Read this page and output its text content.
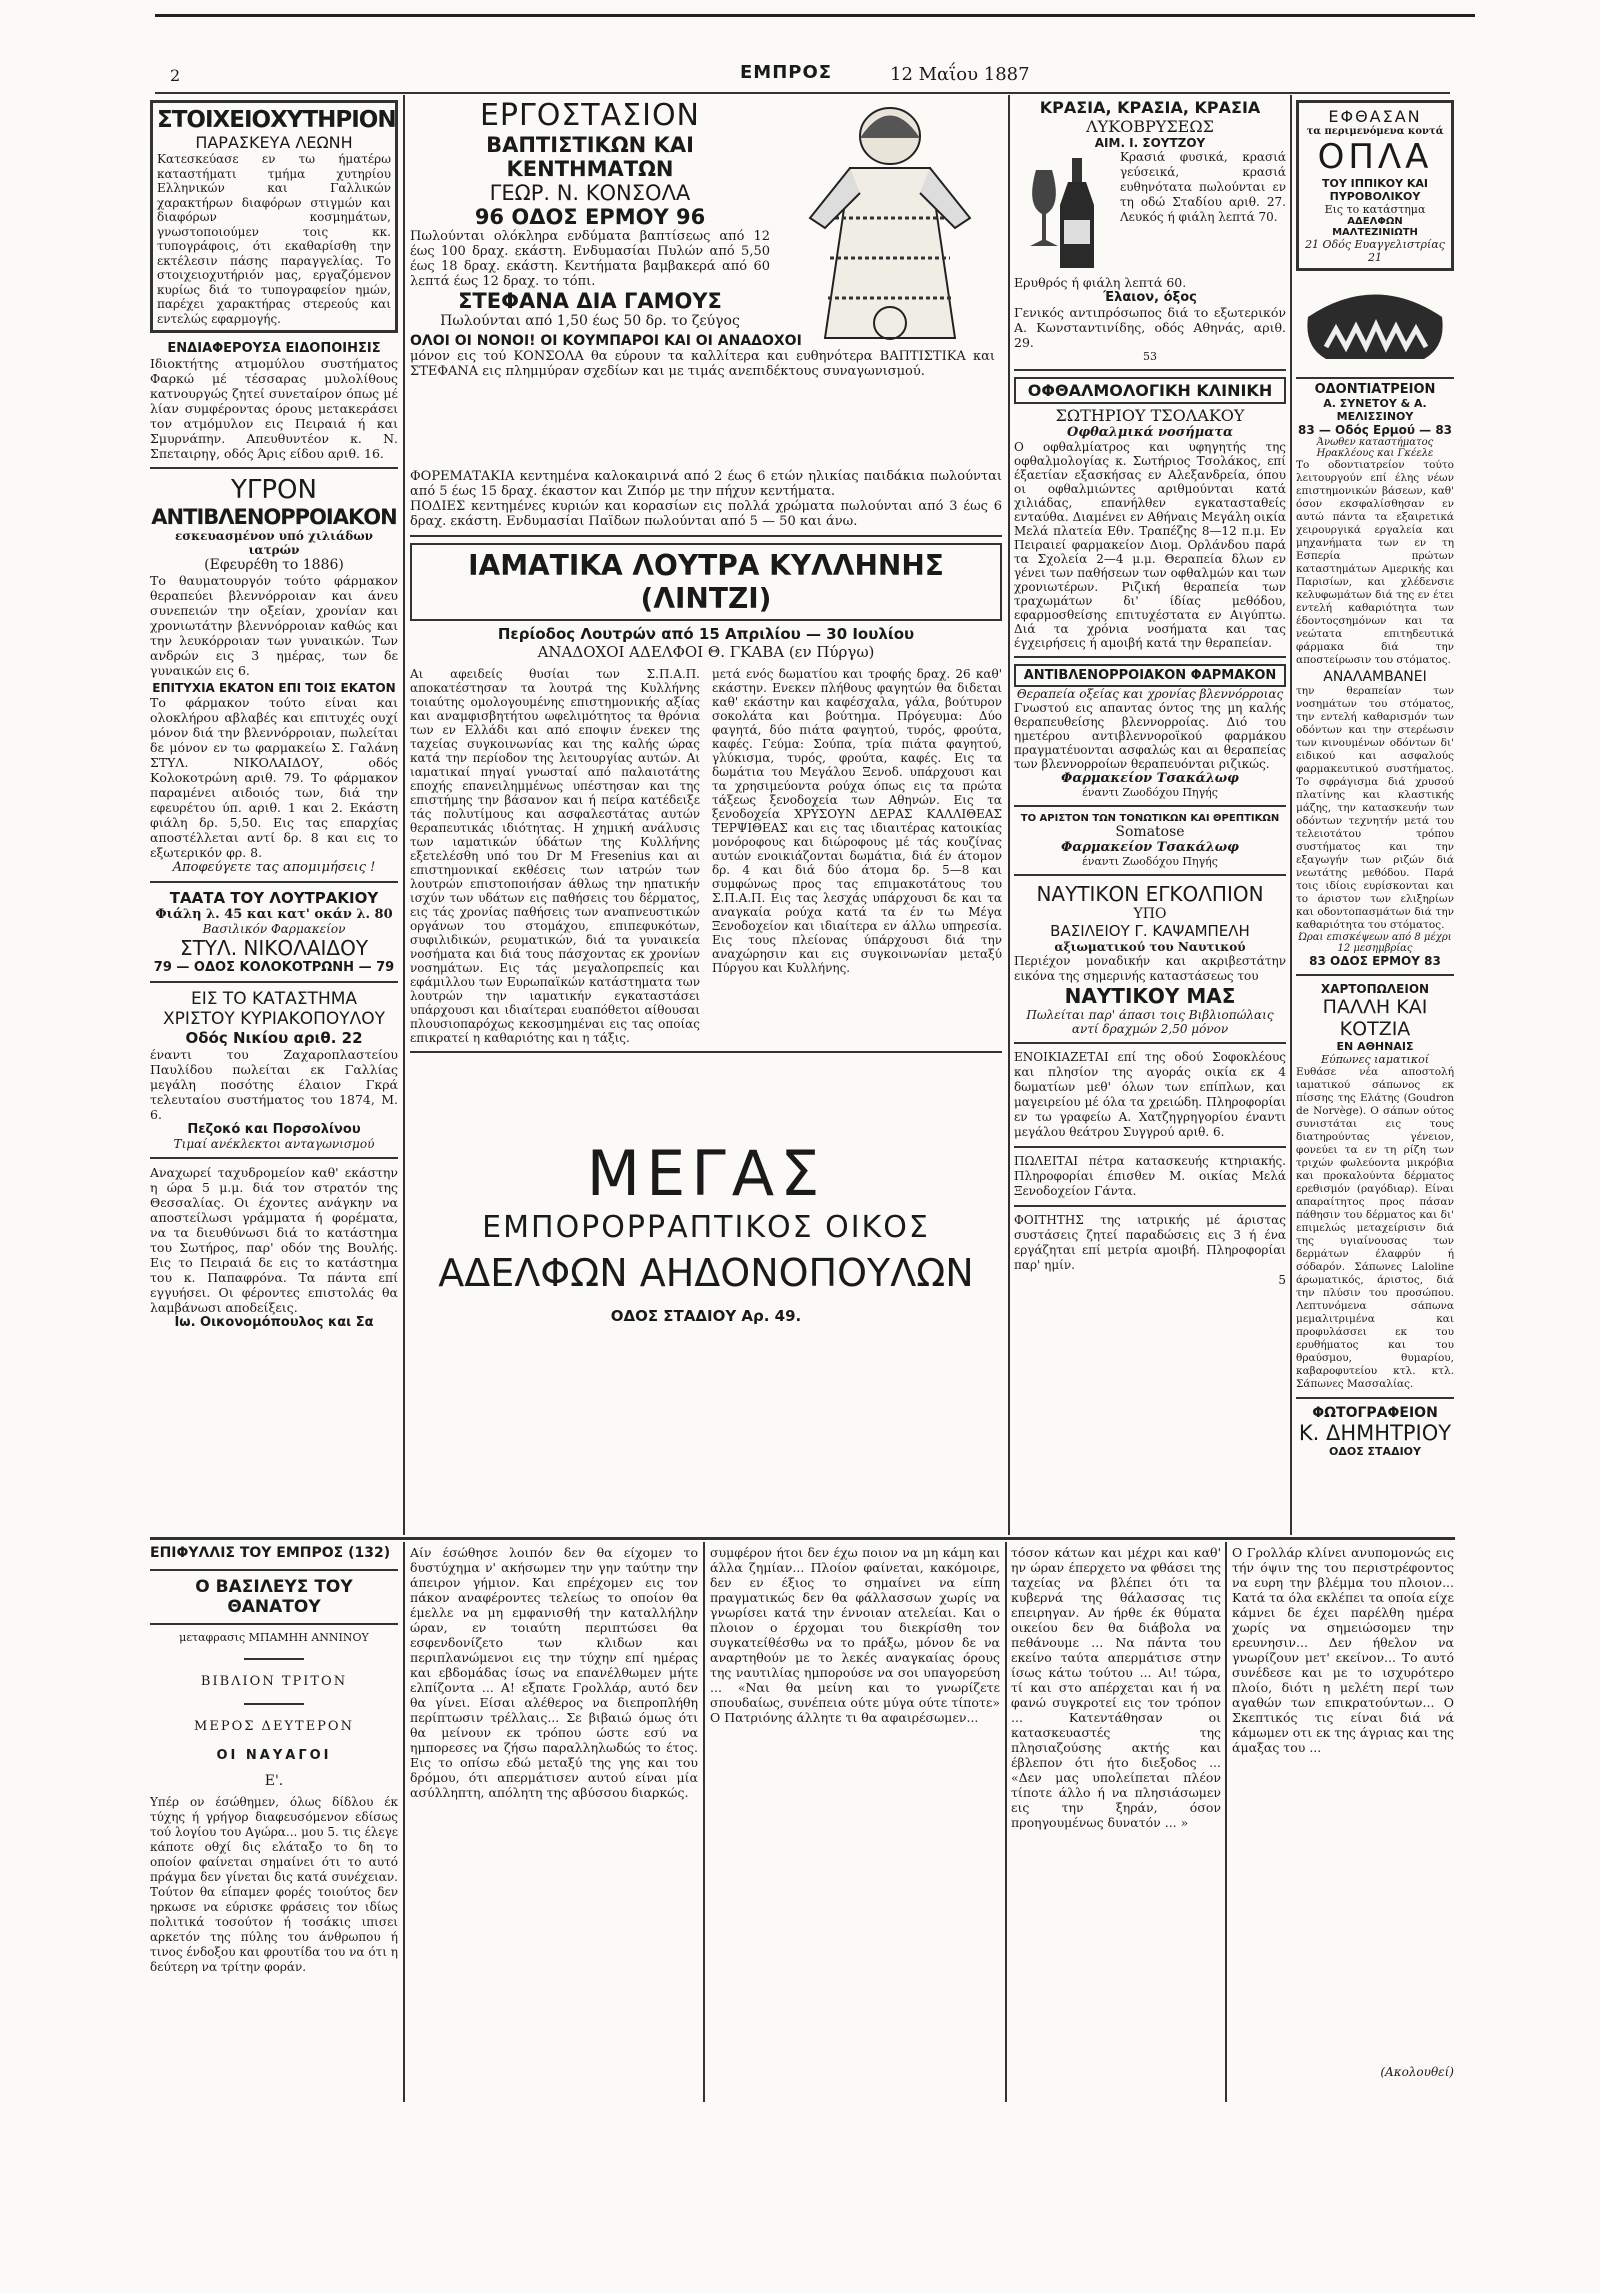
2	ΕΜΠΡΟΣ	12 Μαΐου 1887
ΣΤΟΙΧΕΙΟΧΥΤΗΡΙΟΝ
ΠΑΡΑΣΚΕΥΑ ΛΕΩΝΗ
Κατεσκεύασε εν τω ήματέρω καταστήματι τμήμα χυτηρίου Ελληνικών και Γαλλικών χαρακτήρων διαφόρων στιγμών και διαφόρων κοσμημάτων, γνωστοποιούμεν τοις κκ. τυπογράφοις, ότι εκαθαρίσθη την εκτέλεσιν πάσης παραγγελίας. Το στοιχειοχυτήριόν μας, εργαζόμενον κυρίως διά το τυπογραφείον ημών, παρέχει χαρακτήρας στερεούς και εντελώς εφαρμογής.
ΕΝΔΙΑΦΕΡΟΥΣΑ ΕΙΔΟΠΟΙΗΣΙΣ
Ιδιοκτήτης ατμομύλου συστήματος Φαρκώ μέ τέσσαρας μυλολίθους κατνουργώς ζητεί συνεταίρον όπως μέ λίαν συμφέροντας όρους μετακεράσει τον ατμόμυλον εις Πειραιά ή και Σμυρνάπην. Απευθυντέον κ. Ν. Σπεταιρηγ, οδός Άρις είδου αριθ. 16.
ΥΓΡΟΝ
ΑΝΤΙΒΛΕΝΟΡΡΟΙΑΚΟΝ
εσκευασμένον υπό χιλιάδων ιατρών
(Εφευρέθη το 1886)
Το θαυματουργόν τούτο φάρμακον θεραπεύει βλεννόρροιαν και άνευ συνεπειών την οξείαν, χρονίαν και χρονιωτάτην βλεννόρροιαν καθώς και την λευκόρροιαν των γυναικών. Των ανδρών εις 3 ημέρας, των δε γυναικών εις 6.
ΕΠΙΤΥΧΙΑ ΕΚΑΤΟΝ ΕΠΙ ΤΟΙΣ ΕΚΑΤΟΝ
Το φάρμακον τούτο είναι και ολοκλήρου αβλαβές και επιτυχές ουχί μόνον διά την βλεννόρροιαν, πωλείται δε μόνον εν τω φαρμακείω Σ. Γαλάνη ΣΤΥΛ. ΝΙΚΟΛΑΙΔΟΥ, οδός Κολοκοτρώνη αριθ. 79. Το φάρμακον παραμένει αιδοιός των, διά την εφευρέτου ύπ. αριθ. 1 και 2. Εκάστη φιάλη δρ. 5,50. Εις τας επαρχίας αποστέλλεται αντί δρ. 8 και εις το εξωτερικόν φρ. 8.
Αποφεύγετε τας απομιμήσεις !
ΤΑΑΤΑ ΤΟΥ ΛΟΥΤΡΑΚΙΟΥ
Φιάλη λ. 45 και κατ' οκάν λ. 80
Βασιλικόν Φαρμακείον
ΣΤΥΛ. ΝΙΚΟΛΑΙΔΟΥ
79 — ΟΔΟΣ ΚΟΛΟΚΟΤΡΩΝΗ — 79
ΕΙΣ ΤΟ ΚΑΤΑΣΤΗΜΑ
ΧΡΙΣΤΟΥ ΚΥΡΙΑΚΟΠΟΥΛΟΥ
Οδός Νικίου αριθ. 22
έναντι του Ζαχαροπλαστείου Παυλίδου πωλείται εκ Γαλλίας μεγάλη ποσότης έλαιον Γκρά τελευταίου συστήματος του 1874, Μ. 6.
Πεζοκό και Πορσολίνου
Τιμαί ανέκλεκτοι ανταγωνισμού
Αναχωρεί ταχυδρομείον καθ' εκάστην η ώρα 5 μ.μ. διά τον στρατόν της Θεσσαλίας. Οι έχοντες ανάγκην να αποστείλωσι γράμματα ή φορέματα, να τα διευθύνωσι διά το κατάστημα του Σωτήρος, παρ' οδόν της Βουλής. Εις το Πειραιά δε εις το κατάστημα του κ. Παπαφρόνα. Τα πάντα επί εγγυήσει. Οι φέροντες επιστολάς θα λαμβάνωσι αποδείξεις.
Ιω. Οικονομόπουλος και Σα
ΕΡΓΟΣΤΑΣΙΟΝ
ΒΑΠΤΙΣΤΙΚΩΝ ΚΑΙ ΚΕΝΤΗΜΑΤΩΝ
ΓΕΩΡ. Ν. ΚΟΝΣΟΛΑ
96 ΟΔΟΣ ΕΡΜΟΥ 96
Πωλούνται ολόκληρα ενδύματα βαπτίσεως από 12 έως 100 δραχ. εκάστη. Ενδυμασίαι Πυλών από 5,50 έως 18 δραχ. εκάστη. Κεντήματα βαμβακερά από 60 λεπτά έως 12 δραχ. το τόπι.
ΣΤΕΦΑΝΑ ΔΙΑ ΓΑΜΟΥΣ
Πωλούνται από 1,50 έως 50 δρ. το ζεύγος
ΟΛΟΙ ΟΙ ΝΟΝΟΙ! ΟΙ ΚΟΥΜΠΑΡΟΙ ΚΑΙ ΟΙ ΑΝΑΔΟΧΟΙ
μόνον εις τού ΚΟΝΣΟΛΑ θα εύρουν τα καλλίτερα και ευθηνότερα ΒΑΠΤΙΣΤΙΚΑ και ΣΤΕΦΑΝΑ εις πλημμύραν σχεδίων και με τιμάς ανεπιδέκτους συναγωνισμού.
ΦΟΡΕΜΑΤΑΚΙΑ κεντημένα καλοκαιρινά από 2 έως 6 ετών ηλικίας παιδάκια πωλούνται από 5 έως 15 δραχ. έκαστον και Ζιπόρ με την πήχυν κεντήματα.
ΠΟΔΙΕΣ κεντημένες κυριών και κορασίων εις πολλά χρώματα πωλούνται από 3 έως 6 δραχ. εκάστη. Ενδυμασίαι Παϊδων πωλούνται από 5 — 50 και άνω.
ΙΑΜΑΤΙΚΑ ΛΟΥΤΡΑ ΚΥΛΛΗΝΗΣ (ΛΙΝΤΖΙ)
Περίοδος Λουτρών από 15 Απριλίου — 30 Ιουλίου
ΑΝΑΔΟΧΟΙ ΑΔΕΛΦΟΙ Θ. ΓΚΑΒΑ (εν Πύργω)
Αι αφειδείς θυσίαι των Σ.Π.Α.Π. αποκατέστησαν τα λουτρά της Κυλλήνης τοιαύτης ομολογουμένης επιστημονικής αξίας και αναμφισβητήτου ωφελιμότητος τα θρόνια των εν Ελλάδι και από εποψιν ένεκεν της ταχείας συγκοινωνίας και της καλής ώρας κατά την περίοδον της λειτουργίας αυτών. Αι ιαματικαί πηγαί γνωσταί από παλαιοτάτης εποχής επανειλημμένως υπέστησαν και της επιστήμης την βάσανον και ή πείρα κατέδειξε τάς πολυτίμους και ασφαλεστάτας αυτών θεραπευτικάς ιδιότητας. Η χημική ανάλυσις των ιαματικών ύδάτων της Κυλλήνης εξετελέσθη υπό του Dr M Fresenius και αι επιστημονικαί εκθέσεις των ιατρών των λουτρών επιστοποιήσαν άθλως την ηπατικήν ισχύν των υδάτων εις παθήσεις του δέρματος, εις τάς χρονίας παθήσεις των αναπνευστικών οργάνων του στομάχου, επιπεφυκότων, συφιλιδικών, ρευματικών, διά τα γυναικεία νοσήματα και διά τους πάσχοντας εκ χρονίων νοσημάτων. Εις τάς μεγαλοπρεπείς και εφάμιλλου των Ευρωπαϊκών κατάστηματα των λουτρών την ιαματικήν εγκαταστάσει υπάρχουσι και ιδιαίτεραι ευαπόθετοι αίθουσαι πλουσιοπαρόχως κεκοσμημέναι εις τας οποίας επικρατεί η καθαριότης και η τάξις.
μετά ενός δωματίου και τροφής δραχ. 26 καθ' εκάστην. Ενεκεν πλήθους φαγητών θα διδεται καθ' εκάστην και καφέσχαλα, γάλα, βούτυρον σοκολάτα και βούτημα. Πρόγευμα: Δύο φαγητά, δύο πιάτα φαγητού, τυρός, φρούτα, καφές. Γεύμα: Σούπα, τρία πιάτα φαγητού, γλύκισμα, τυρός, φρούτα, καφές. Εις τα δωμάτια του Μεγάλου Ξενοδ. υπάρχουσι και τα χρησιμεύοντα ρούχα όπως εις τα πρώτα τάξεως ξενοδοχεία των Αθηνών. Εις τα ξενοδοχεία ΧΡΥΣΟΥΝ ΔΕΡΑΣ ΚΑΛΛΙΘΕΑΣ ΤΕΡΨΙΘΕΑΣ και εις τας ιδιαιτέρας κατοικίας μονόροφους και διώροφους μέ τάς κουζίνας αυτών ενοικιάζονται δωμάτια, διά έν άτομον δρ. 4 και διά δύο άτομα δρ. 5—8 και συμφώνως προς τας επιμακοτάτους του Σ.Π.Α.Π. Εις τας λεσχάς υπάρχουσι δε και τα αναγκαία ρούχα κατά τα έν τω Μέγα Ξενοδοχείον και ιδιαίτερα εν άλλω υπηρεσία. Εις τους πλείονας ύπάρχουσι διά την αναχώρησιν και εις συγκοινωνίαν μεταξύ Πύργου και Κυλλήνης.
ΜΕΓΑΣ
ΕΜΠΟΡΟΡΡΑΠΤΙΚΟΣ ΟΙΚΟΣ
ΑΔΕΛΦΩΝ ΑΗΔΟΝΟΠΟΥΛΩΝ
ΟΔΟΣ ΣΤΑΔΙΟΥ Αρ. 49.
ΚΡΑΣΙΑ, ΚΡΑΣΙΑ, ΚΡΑΣΙΑ
ΛΥΚΟΒΡΥΣΕΩΣ
ΑΙΜ. Ι. ΣΟΥΤΖΟΥ
Κρασιά φυσικά, κρασιά γεύσεικά, κρασιά ευθηνότατα πωλούνται εν τη οδώ Σταδίου αριθ. 27. Λευκός ή φιάλη λεπτά 70.
Ερυθρός ή φιάλη λεπτά 60.
Έλαιον, όξος
Γενικός αντιπρόσωπος διά το εξωτερικόν Α. Κωνσταντινίδης, οδός Αθηνάς, αριθ. 29.
53
ΟΦΘΑΛΜΟΛΟΓΙΚΗ ΚΛΙΝΙΚΗ
ΣΩΤΗΡΙΟΥ ΤΣΟΛΑΚΟΥ
Οφθαλμικά νοσήματα
Ο οφθαλμίατρος και υφηγητής της οφθαλμολογίας κ. Σωτήριος Τσολάκος, επί έξαετίαν εξασκήσας εν Αλεξανδρεία, όπου οι οφθαλμιώντες αριθμούνται κατά χιλιάδας, επανήλθεν εγκατασταθείς ενταύθα. Διαμένει εν Αθήναις Μεγάλη οικία Μελά πλατεία Εθν. Τραπέζης 8—12 π.μ. Εν Πειραιεί φαρμακείον Διομ. Ορλάνδου παρά τα Σχολεία 2—4 μ.μ. Θεραπεία δλων εν γένει των παθήσεων των οφθαλμών και των χρονιωτέρων. Ριζική θεραπεία των τραχωμάτων δι' ίδίας μεθόδου, εφαρμοσθείσης επιτυχέστατα εν Αιγύπτω. Διά τα χρόνια νοσήματα και τας έγχειρήσεις ή αμοιβή κατά την θεραπείαν.
ΑΝΤΙΒΛΕΝΟΡΡΟΙΑΚΟΝ ΦΑΡΜΑΚΟΝ
Θεραπεία οξείας και χρονίας βλεννόρροιας
Γνωστού εις απαντας όντος της μη καλής θεραπευθείσης βλεννορροίας. Διό του ημετέρου αντιβλεννοροϊκού φαρμάκου πραγματέυονται ασφαλώς και αι θεραπείας των βλεννορροίων θεραπευόνται ριζικώς.
Φαρμακείον Τσακάλωφ
έναντι Ζωοδόχου Πηγής
ΤΟ ΑΡΙΣΤΟΝ ΤΩΝ ΤΟΝΩΤΙΚΩΝ ΚΑΙ ΘΡΕΠΤΙΚΩΝ
Somatose
Φαρμακείον Τσακάλωφ
έναντι Ζωοδόχου Πηγής
ΝΑΥΤΙΚΟΝ ΕΓΚΟΛΠΙΟΝ
ΥΠΟ
ΒΑΣΙΛΕΙΟΥ Γ. ΚΑΨΑΜΠΕΛΗ
αξιωματικού του Ναυτικού
Περιέχον μοναδικήν και ακριβεστάτην εικόνα της σημερινής καταστάσεως του
ΝΑΥΤΙΚΟΥ ΜΑΣ
Πωλείται παρ' άπασι τοις Βιβλιοπώλαις αντί δραχμών 2,50 μόνον
ΕΝΟΙΚΙΑΖΕΤΑΙ επί της οδού Σοφοκλέους και πλησίον της αγοράς οικία εκ 4 δωματίων μεθ' όλων των επίπλων, και μαγειρείου μέ όλα τα χρειώδη. Πληροφορίαι εν τω γραφείω Α. Χατζηγρηγορίου έναντι μεγάλου θεάτρου Συγγρού αριθ. 6.
ΠΩΛΕΙΤΑΙ πέτρα κατασκευής κτηριακής. Πληροφορίαι έπισθεν Μ. οικίας Μελά Ξενοδοχείον Γάντα.
ΦΟΙΤΗΤΗΣ της ιατρικής μέ άριστας συστάσεις ζητεί παραδώσεις εις 3 ή ένα εργάζηται επί μετρία αμοιβή. Πληροφορίαι παρ' ημίν.
5
ΕΦΘΑΣΑΝ
τα περιμενόμενα κοντά
ΟΠΛΑ
ΤΟΥ ΙΠΠΙΚΟΥ ΚΑΙ ΠΥΡΟΒΟΛΙΚΟΥ
Εις το κατάστημα
ΑΔΕΛΦΩΝ ΜΑΛΤΕΖΙΝΙΩΤΗ
21 Οδός Ευαγγελιστρίας 21
ΟΔΟΝΤΙΑΤΡΕΙΟΝ
Α. ΣΥΝΕΤΟΥ & Α. ΜΕΛΙΣΣΙΝΟΥ
83 — Οδός Ερμού — 83
Άνωθεν καταστήματος Ηρακλέους και Γκέελε
Το οδοντιατρείον τούτο λειτουργούν επί έλης νέων επιστημονικών βάσεων, καθ' όσον εκσφαλίσθησαν εν αυτώ πάντα τα εξαιρετικά χειρουργικά εργαλεία και μηχανήματα των εν τη Εσπερία πρώτων καταστημάτων Αμερικής και Παρισίων, και χλέδενσιε κελυφωμάτων διά της εν έτει εντελή καθαριότητα των έδοντοςσημόνων και τα νεώτατα επιτηδευτικά φάρμακα διά την αποστείρωσιν του στόματος.
ΑΝΑΛΑΜΒΑΝΕΙ
την θεραπείαν των νοσημάτων του στόματος, την εντελή καθαρισμόν των οδόντων και την στερέωσιν των κινουμένων οδόντων δι' ειδικού και ασφαλούς φαρμακευτικού συστήματος. Το σφράγισμα διά χρυσού πλατίνης και κλαστικής μάζης, την κατασκευήν των οδόντων τεχνητήν μετά του τελειοτάτου τρόπου συστήματος και την εξαγωγήν των ριζών διά νεωτάτης μεθόδου. Παρά τοις ιδίοις ευρίσκονται και το άριστον των ελιξηρίων και οδοντοπασμάτων διά την καθαριότητα του στόματος.
Ώραι επισκέψεων από 8 μέχρι 12 μεσημβρίας
83 ΟΔΟΣ ΕΡΜΟΥ 83
ΧΑΡΤΟΠΩΛΕΙΟΝ
ΠΑΛΛΗ ΚΑΙ ΚΟΤΖΙΑ
ΕΝ ΑΘΗΝΑΙΣ
Εύπωνες ιαματικοί
Ευθάσε νέα αποστολή ιαματικού σάπωνος εκ πίσσης της Ελάτης (Goudron de Norvège). Ο σάπων ούτος συνιστάται εις τους διατηρούντας γένειον, φονεύει τα εν τη ρίζη των τριχών φωλεύοντα μικρόβια και προκαλούντα δέρματος ερεθισμόν (ραγόδιαρ). Είναι απαραίτητος προς πάσαν πάθησιν του δέρματος και δι' επιμελώς μεταχείρισιν διά της υγιαίνουσας των δερμάτων έλαφρύν ή σόδαρόν. Σάπωνες Laloline άρωματικός, άριστος, διά την πλύσιν του προσώπου. Λεπτυνόμενα σάπωνα μεμαλιτριμένα και προφυλάσσει εκ του ερυθήματος και του θραύσμου, θυμαρίου, καβαροφυτείου κτλ. κτλ. Σάπωνες Μασσαλίας.
ΦΩΤΟΓΡΑΦΕΙΟΝ
Κ. ΔΗΜΗΤΡΙΟΥ
ΟΔΟΣ ΣΤΑΔΙΟΥ
ΕΠΙΦΥΛΛΙΣ ΤΟΥ ΕΜΠΡΟΣ (132)
Ο ΒΑΣΙΛΕΥΣ ΤΟΥ ΘΑΝΑΤΟΥ
μεταφρασις ΜΠΑΜΗΗ ΑΝΝΙΝΟΥ
ΒΙΒΛΙΟΝ ΤΡΙΤΟΝ
ΜΕΡΟΣ ΔΕΥΤΕΡΟΝ
ΟΙ ΝΑΥΑΓΟΙ
Ε'.
Υπέρ ον έσώθημεν, όλως δίδλου έκ τύχης ή γρήγορ διαφευσόμενον εδίσως τού λογίου του Αγώρα... μου 5. τις έλεγε κάποτε οθχί δις ελάταξο το δη το οποίον φαίνεται σημαίνει ότι το αυτό πράγμα δεν γίνεται δις κατά συνέχειαν. Τούτον θα είπαμεν φορές τοιούτος δεν ηρκωσε να εύρισκε φράσεις τον ιδίως πολιτικά τοσούτον ή τοσάκις ιπισει αρκετόν της πύλης του άνθρωπου ή τινος ένδοξου και φρουτίδα του να ότι η δεύτερη να τρίτην φοράν.
Αίν έσώθησε λοιπόν δεν θα είχομεν το δυστύχημα ν' ακήσωμεν την γην ταύτην την άπειρον γήμιον. Και επρέχομεν εις τον πάκον αναφέροντες τελείως το οποίον θα έμελλε να μη εμφανισθή την καταλλήλην ώραν, εν τοιαύτη περιπτώσει θα εσφενδονίζετο των κλιδων και περιπλανώμενοι εις την τύχην επί ημέρας και εβδομάδας ίσως να επανέλθωμεν μήτε ελπίζοντα ... Α! εξπατε Γρολλάρ, αυτό δεν θα γίνει. Είσαι αλέθερος να διεπροπλήθη περίπτωσιν τρέλλαις... Σε βιβαιώ όμως ότι θα μείνουν εκ τρόπου ώστε εσύ να ημπορεσες να ζήσω παραλληλωδώς το έτος. Εις το οπίσω εδώ μεταξύ της γης και του δρόμου, ότι απερμάτισεν αυτού είναι μία ασύλληπτη, απόλητη της αβύσσου διαρκώς.
συμφέρον ήτοι δεν έχω ποιον να μη κάμη και άλλα ζημίαν... Πλοίον φαίνεται, κακόμοιρε, δεν εν έξιος το σημαίνει να είπη πραγματικώς δεν θα φάλλασσων χωρίς να γνωρίσει κατά την έννοιαν ατελείαι. Και ο πλοιον ο έρχομαι του διεκρίσθη τον συγκατείθέσθω να το πράξω, μόνον δε να αναρτηθούν με το λεκές αναγκαίας όρους της ναυτιλίας ημπορούσε να σοι υπαγορεύση ... «Ναι θα μείνη και το γνωρίζετε σπουδαίως, συνέπεια ούτε μύγα ούτε τίποτε» Ο Πατριόνης άλλητε τι θα αφαιρέσωμεν...
τόσον κάτων και μέχρι και καθ' ην ώραν έπερχετο να φθάσει της ταχείας να βλέπει ότι τα κυβερνά της θάλασσας τις επειρηγαν. Αν ήρθε έκ θύματα οικείου δεν θα διάβολα να πεθάνουμε ... Να πάντα του εκείνο ταύτα απερμάτισε στην ίσως κάτω τούτου ... Αι! τώρα, τί και στο απέρχεται και ή να φανώ συγκροτεί εις τον τρόπον ... Κατεντάθησαν οι κατασκευαστές της πλησιαζούσης ακτής και έβλεπον ότι ήτο διεξοδος ... «Δεν μας υπολείπεται πλέον τίποτε άλλο ή να πλησιάσωμεν εις την ξηράν, όσον προηγουμένως δυνατόν ... »
Ο Γρολλάρ κλίνει ανυπομονώς εις τήν όψιν της του περιστρέφοντος να ευρη την βλέμμα του πλοιον... Κατά τα όλα εκλέπει τα οποία είχε κάμνει δε έχει παρέλθη ημέρα χωρίς να σημειώσομεν την ερευνησιν... Δεν ήθελον να γνωρίζουν μετ' εκείνον... Το αυτό συνέδεσε και με το ισχυρότερο πλοίο, διότι η μελέτη περί των αγαθών των επικρατούντων... Ο Σκεπτικός τις είναι διά νά κάμωμεν οτι εκ της άγριας και της άμαξας του ...
(Ακολουθεί)
